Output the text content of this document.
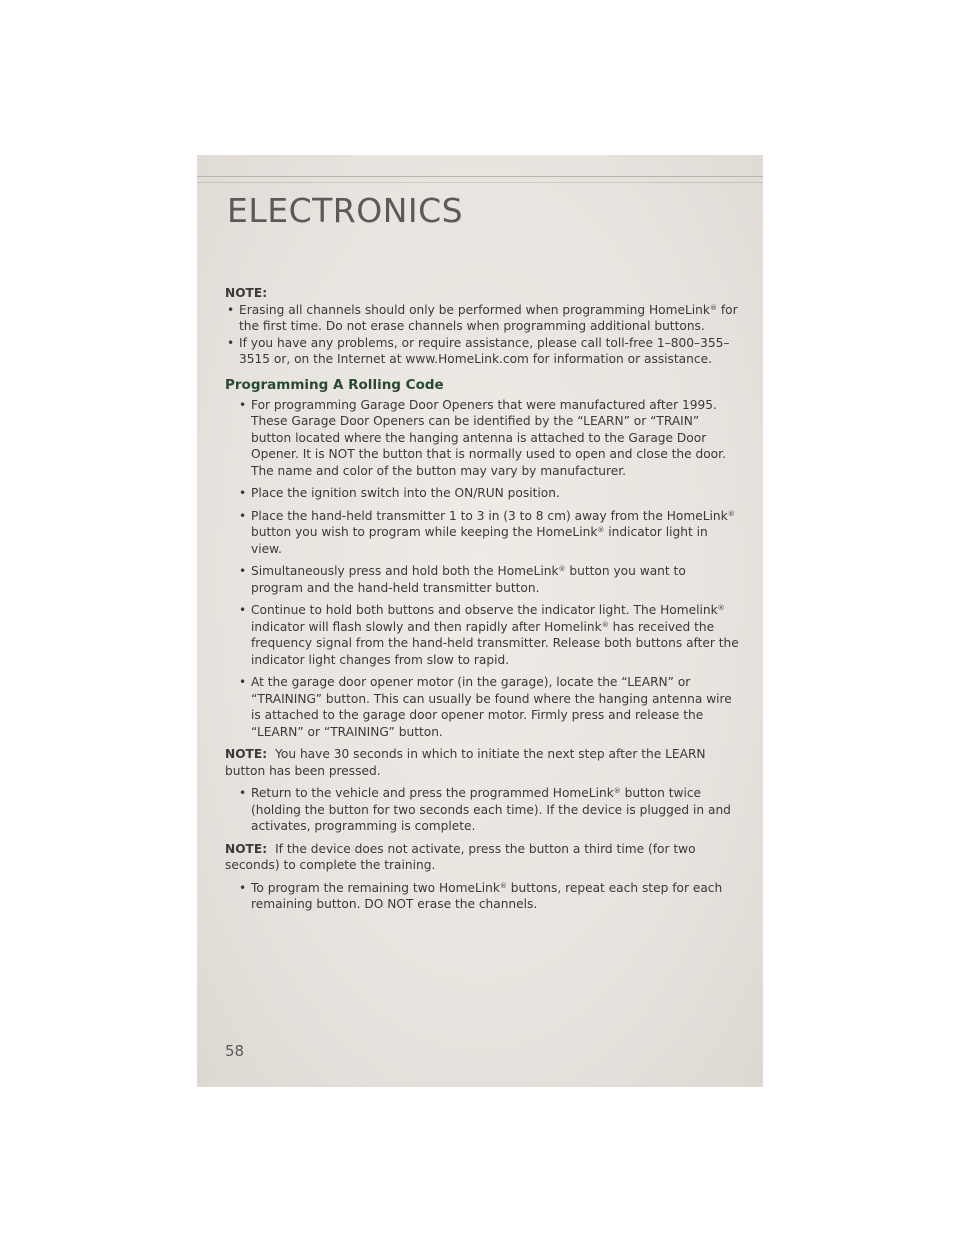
ELECTRONICS
NOTE:
• Erasing all channels should only be performed when programming HomeLink® for the first time. Do not erase channels when programming additional buttons.
• If you have any problems, or require assistance, please call toll-free 1–800–355–3515 or, on the Internet at www.HomeLink.com for information or assistance.
Programming A Rolling Code
• For programming Garage Door Openers that were manufactured after 1995. These Garage Door Openers can be identified by the “LEARN” or “TRAIN” button located where the hanging antenna is attached to the Garage Door Opener. It is NOT the button that is normally used to open and close the door. The name and color of the button may vary by manufacturer.
• Place the ignition switch into the ON/RUN position.
• Place the hand-held transmitter 1 to 3 in (3 to 8 cm) away from the HomeLink® button you wish to program while keeping the HomeLink® indicator light in view.
• Simultaneously press and hold both the HomeLink® button you want to program and the hand-held transmitter button.
• Continue to hold both buttons and observe the indicator light. The Homelink® indicator will flash slowly and then rapidly after Homelink® has received the frequency signal from the hand-held transmitter. Release both buttons after the indicator light changes from slow to rapid.
• At the garage door opener motor (in the garage), locate the “LEARN” or “TRAINING” button. This can usually be found where the hanging antenna wire is attached to the garage door opener motor. Firmly press and release the “LEARN” or “TRAINING” button.

NOTE: You have 30 seconds in which to initiate the next step after the LEARN button has been pressed.

• Return to the vehicle and press the programmed HomeLink® button twice (holding the button for two seconds each time). If the device is plugged in and activates, programming is complete.

NOTE: If the device does not activate, press the button a third time (for two seconds) to complete the training.

• To program the remaining two HomeLink® buttons, repeat each step for each remaining button. DO NOT erase the channels.
58
